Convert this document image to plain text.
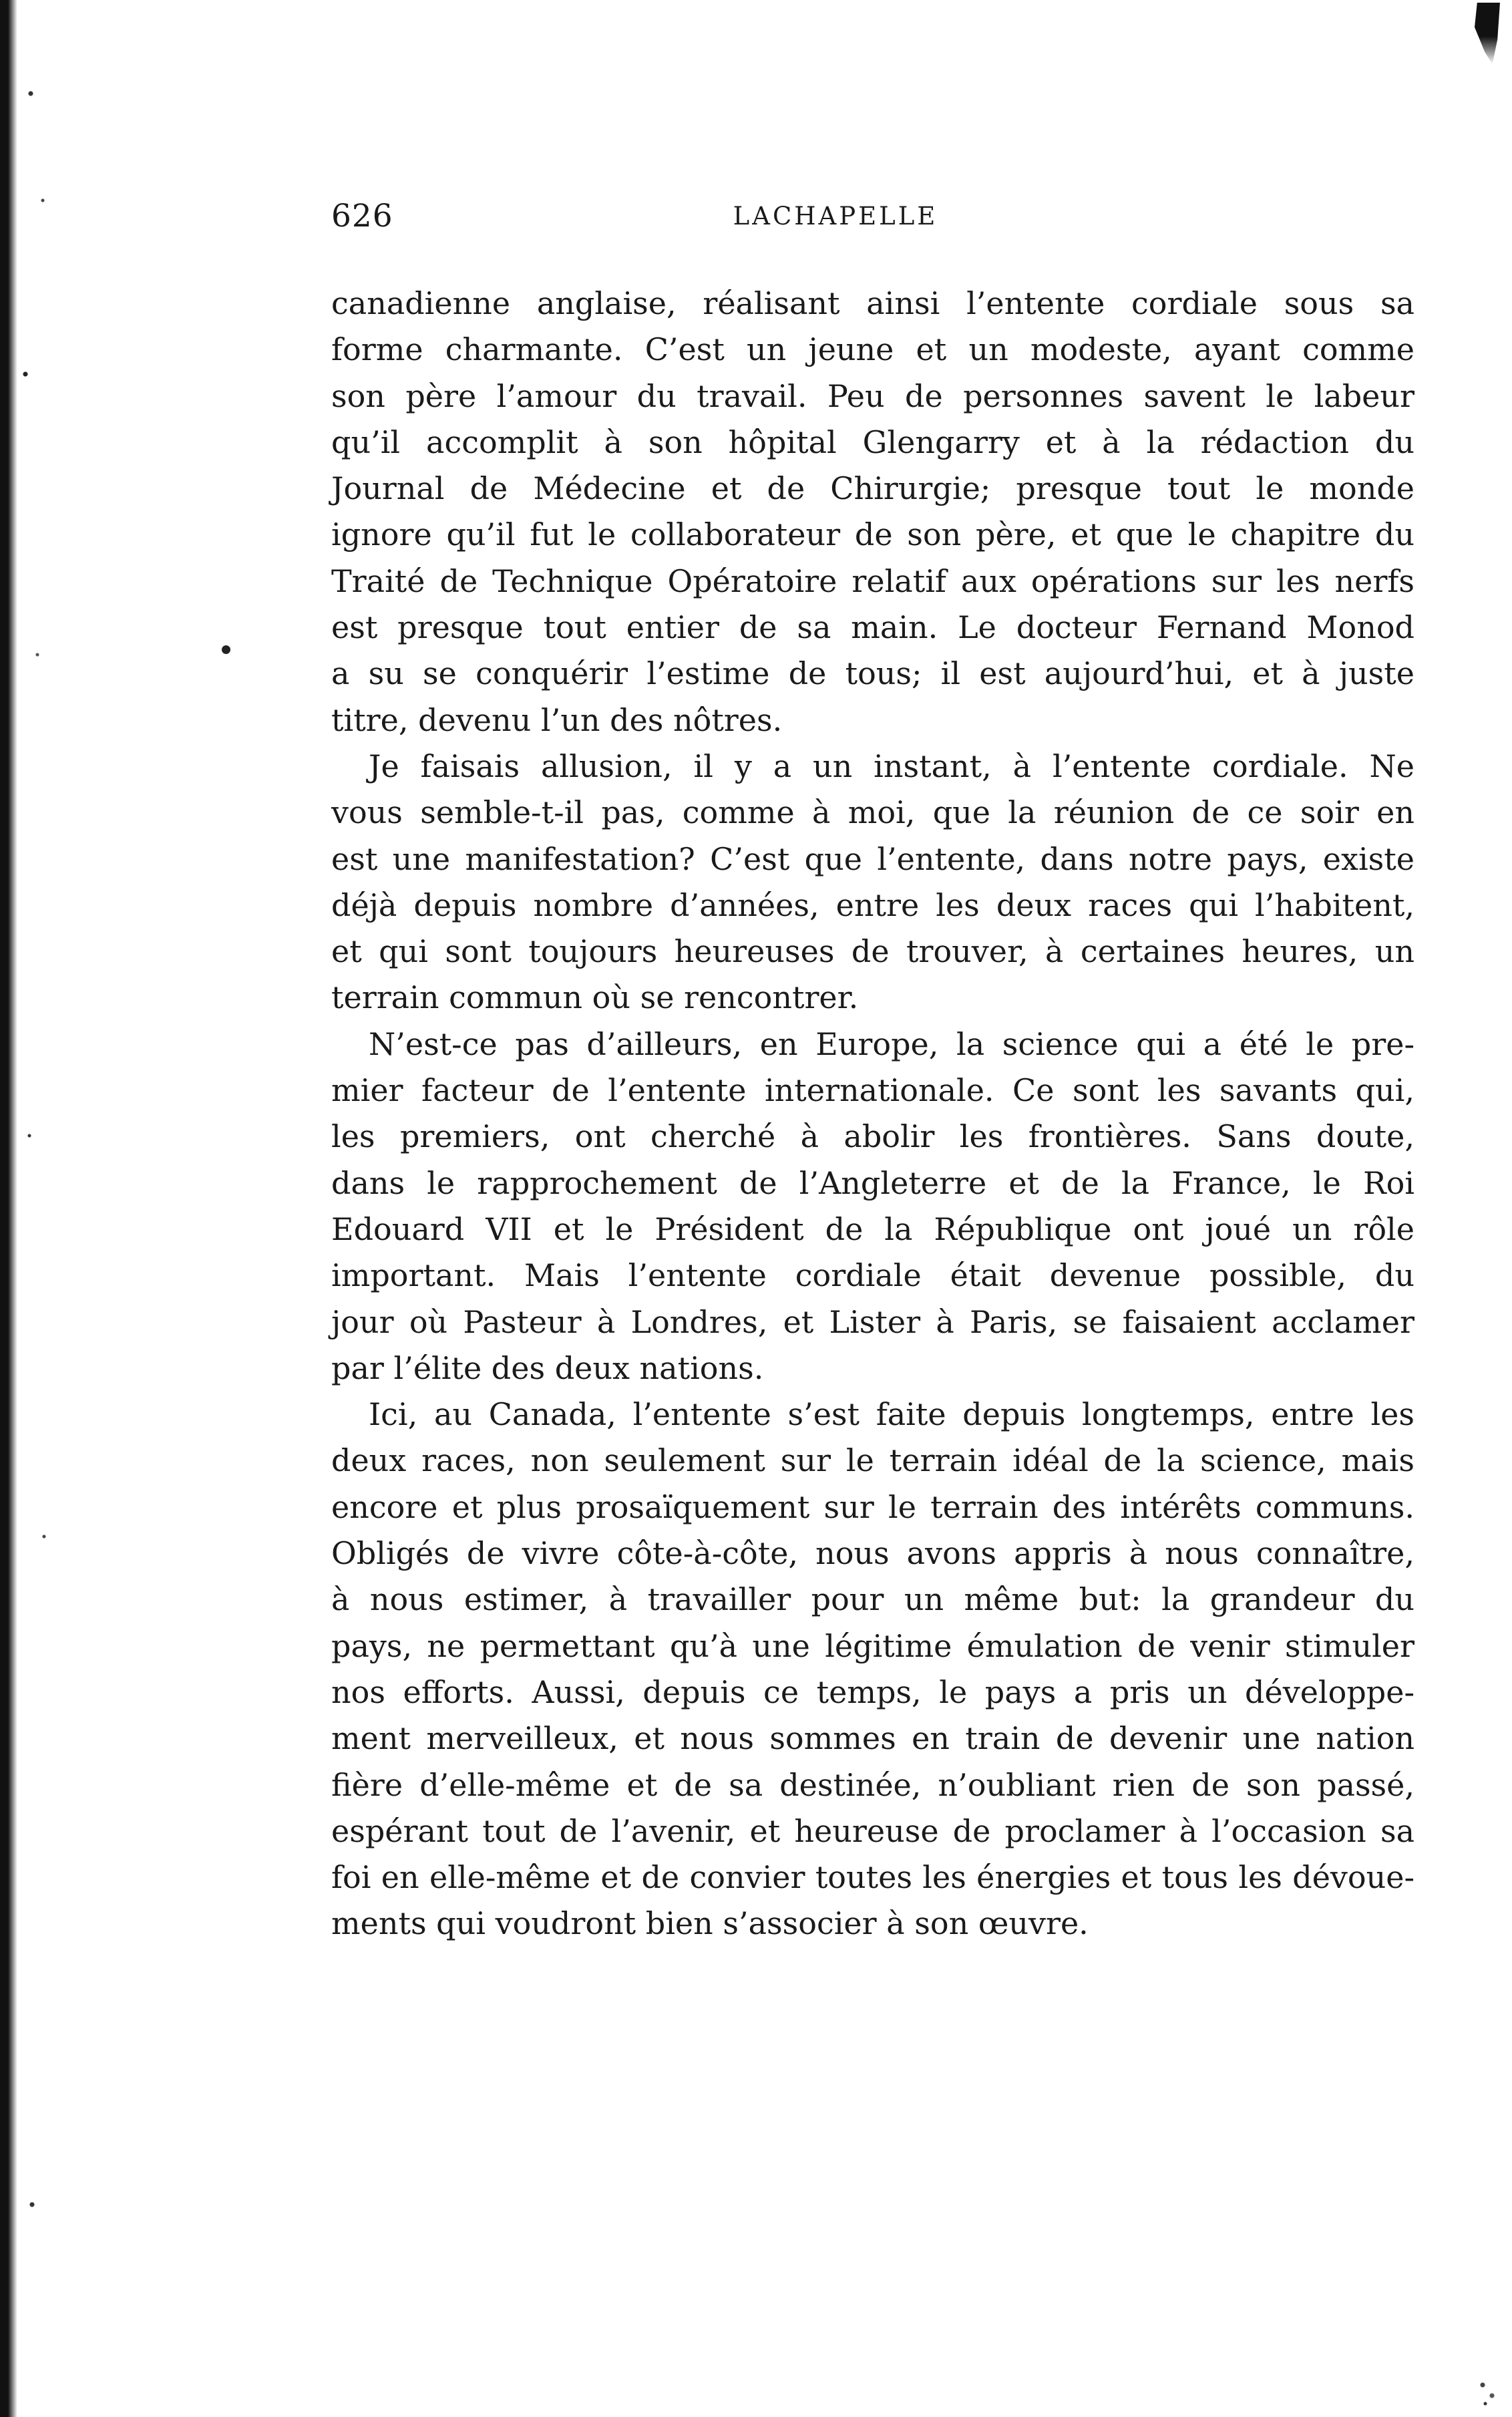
626	LACHAPELLE
canadienne anglaise, réalisant ainsi l’entente cordiale sous sa
forme charmante. C’est un jeune et un modeste, ayant comme
son père l’amour du travail. Peu de personnes savent le labeur
qu’il accomplit à son hôpital Glengarry et à la rédaction du
Journal de Médecine et de Chirurgie; presque tout le monde
ignore qu’il fut le collaborateur de son père, et que le chapitre du
Traité de Technique Opératoire relatif aux opérations sur les nerfs
est presque tout entier de sa main. Le docteur Fernand Monod
a su se conquérir l’estime de tous; il est aujourd’hui, et à juste
titre, devenu l’un des nôtres.
Je faisais allusion, il y a un instant, à l’entente cordiale. Ne
vous semble-t-il pas, comme à moi, que la réunion de ce soir en
est une manifestation? C’est que l’entente, dans notre pays, existe
déjà depuis nombre d’années, entre les deux races qui l’habitent,
et qui sont toujours heureuses de trouver, à certaines heures, un
terrain commun où se rencontrer.
N’est-ce pas d’ailleurs, en Europe, la science qui a été le pre-
mier facteur de l’entente internationale. Ce sont les savants qui,
les premiers, ont cherché à abolir les frontières. Sans doute,
dans le rapprochement de l’Angleterre et de la France, le Roi
Edouard VII et le Président de la République ont joué un rôle
important. Mais l’entente cordiale était devenue possible, du
jour où Pasteur à Londres, et Lister à Paris, se faisaient acclamer
par l’élite des deux nations.
Ici, au Canada, l’entente s’est faite depuis longtemps, entre les
deux races, non seulement sur le terrain idéal de la science, mais
encore et plus prosaïquement sur le terrain des intérêts communs.
Obligés de vivre côte-à-côte, nous avons appris à nous connaître,
à nous estimer, à travailler pour un même but: la grandeur du
pays, ne permettant qu’à une légitime émulation de venir stimuler
nos efforts. Aussi, depuis ce temps, le pays a pris un développe-
ment merveilleux, et nous sommes en train de devenir une nation
fière d’elle-même et de sa destinée, n’oubliant rien de son passé,
espérant tout de l’avenir, et heureuse de proclamer à l’occasion sa
foi en elle-même et de convier toutes les énergies et tous les dévoue-
ments qui voudront bien s’associer à son œuvre.
